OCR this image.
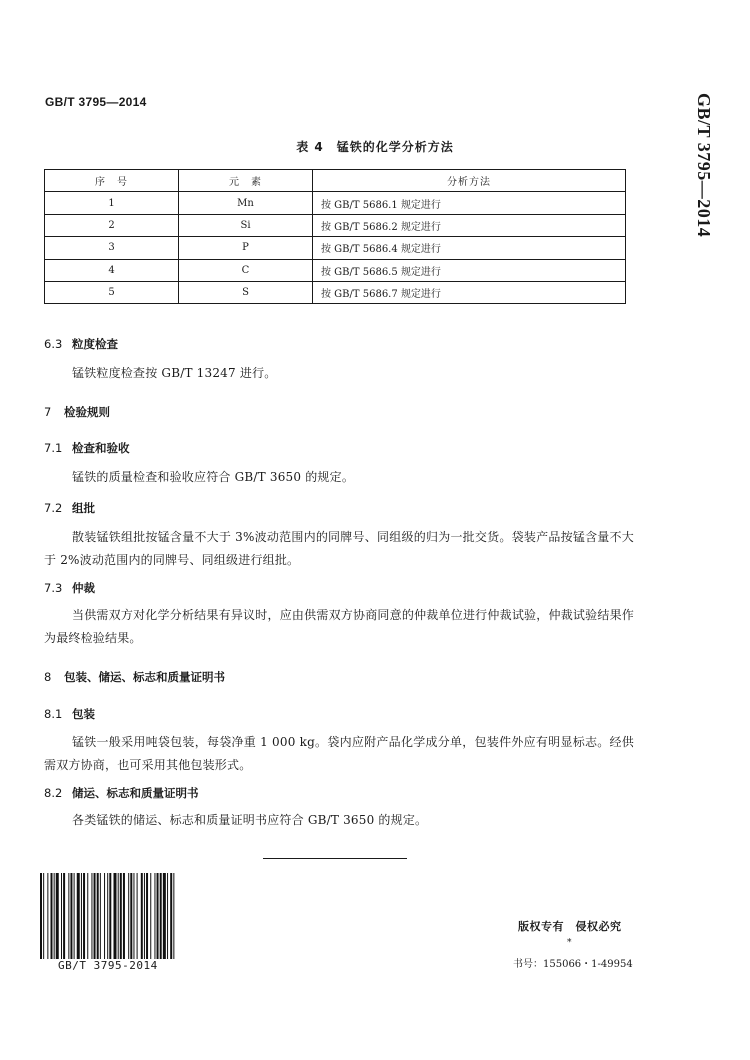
GB/T 3795—2014	GB/T 3795—2014
表 4　锰铁的化学分析方法
序　号	元　素	分析方法
1	Mn	按 GB/T 5686.1 规定进行
2	Si	按 GB/T 5686.2 规定进行
3	P	按 GB/T 5686.4 规定进行
4	C	按 GB/T 5686.5 规定进行
5	S	按 GB/T 5686.7 规定进行
6.3 粒度检查
锰铁粒度检查按 GB/T 13247 进行。
7 检验规则
7.1 检查和验收
锰铁的质量检查和验收应符合 GB/T 3650 的规定。
7.2 组批
散装锰铁组批按锰含量不大于 3%波动范围内的同牌号、同组级的归为一批交货。袋装产品按锰含量不大于 2%波动范围内的同牌号、同组级进行组批。
7.3 仲裁
当供需双方对化学分析结果有异议时，应由供需双方协商同意的仲裁单位进行仲裁试验，仲裁试验结果作为最终检验结果。
8 包装、储运、标志和质量证明书
8.1 包装
锰铁一般采用吨袋包装，每袋净重 1 000 kg。袋内应附产品化学成分单，包装件外应有明显标志。经供需双方协商，也可采用其他包装形式。
8.2 储运、标志和质量证明书
各类锰铁的储运、标志和质量证明书应符合 GB/T 3650 的规定。
GB/T 3795-2014
版权专有　侵权必究
*
书号：155066・1-49954
